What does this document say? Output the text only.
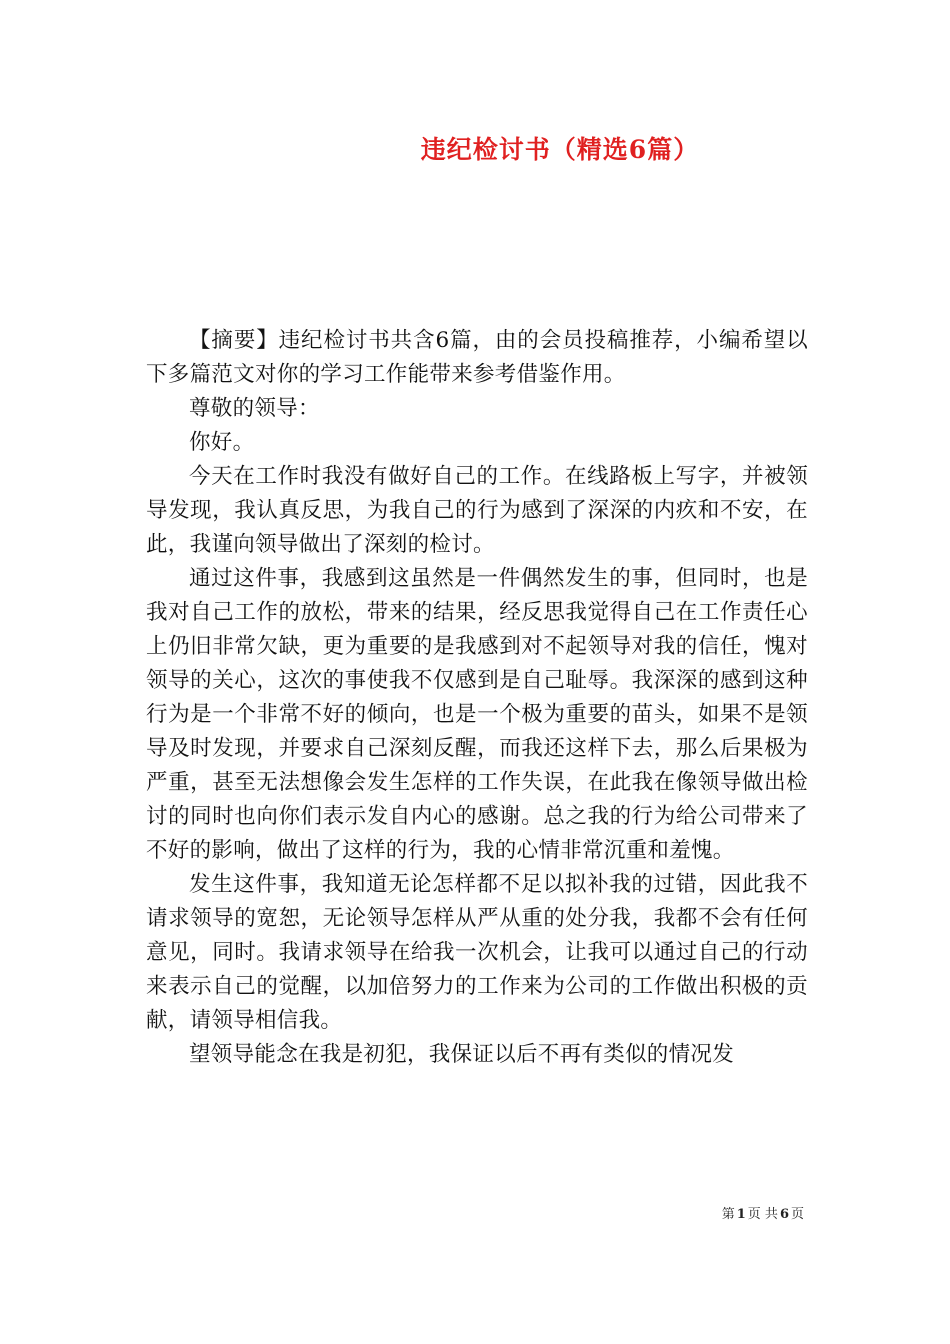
违纪检讨书（精选6篇）

【摘要】违纪检讨书共含6篇，由的会员投稿推荐，小编希望以下多篇范文对你的学习工作能带来参考借鉴作用。

尊敬的领导：

你好。

今天在工作时我没有做好自己的工作。在线路板上写字，并被领导发现，我认真反思，为我自己的行为感到了深深的内疚和不安，在此，我谨向领导做出了深刻的检讨。

通过这件事，我感到这虽然是一件偶然发生的事，但同时，也是我对自己工作的放松，带来的结果，经反思我觉得自己在工作责任心上仍旧非常欠缺，更为重要的是我感到对不起领导对我的信任，愧对领导的关心，这次的事使我不仅感到是自己耻辱。我深深的感到这种行为是一个非常不好的倾向，也是一个极为重要的苗头，如果不是领导及时发现，并要求自己深刻反醒，而我还这样下去，那么后果极为严重，甚至无法想像会发生怎样的工作失误，在此我在像领导做出检讨的同时也向你们表示发自内心的感谢。总之我的行为给公司带来了不好的影响，做出了这样的行为，我的心情非常沉重和羞愧。

发生这件事，我知道无论怎样都不足以拟补我的过错，因此我不请求领导的宽恕，无论领导怎样从严从重的处分我，我都不会有任何意见，同时。我请求领导在给我一次机会，让我可以通过自己的行动来表示自己的觉醒，以加倍努力的工作来为公司的工作做出积极的贡献，请领导相信我。

望领导能念在我是初犯，我保证以后不再有类似的情况发

第 1 页 共 6 页
